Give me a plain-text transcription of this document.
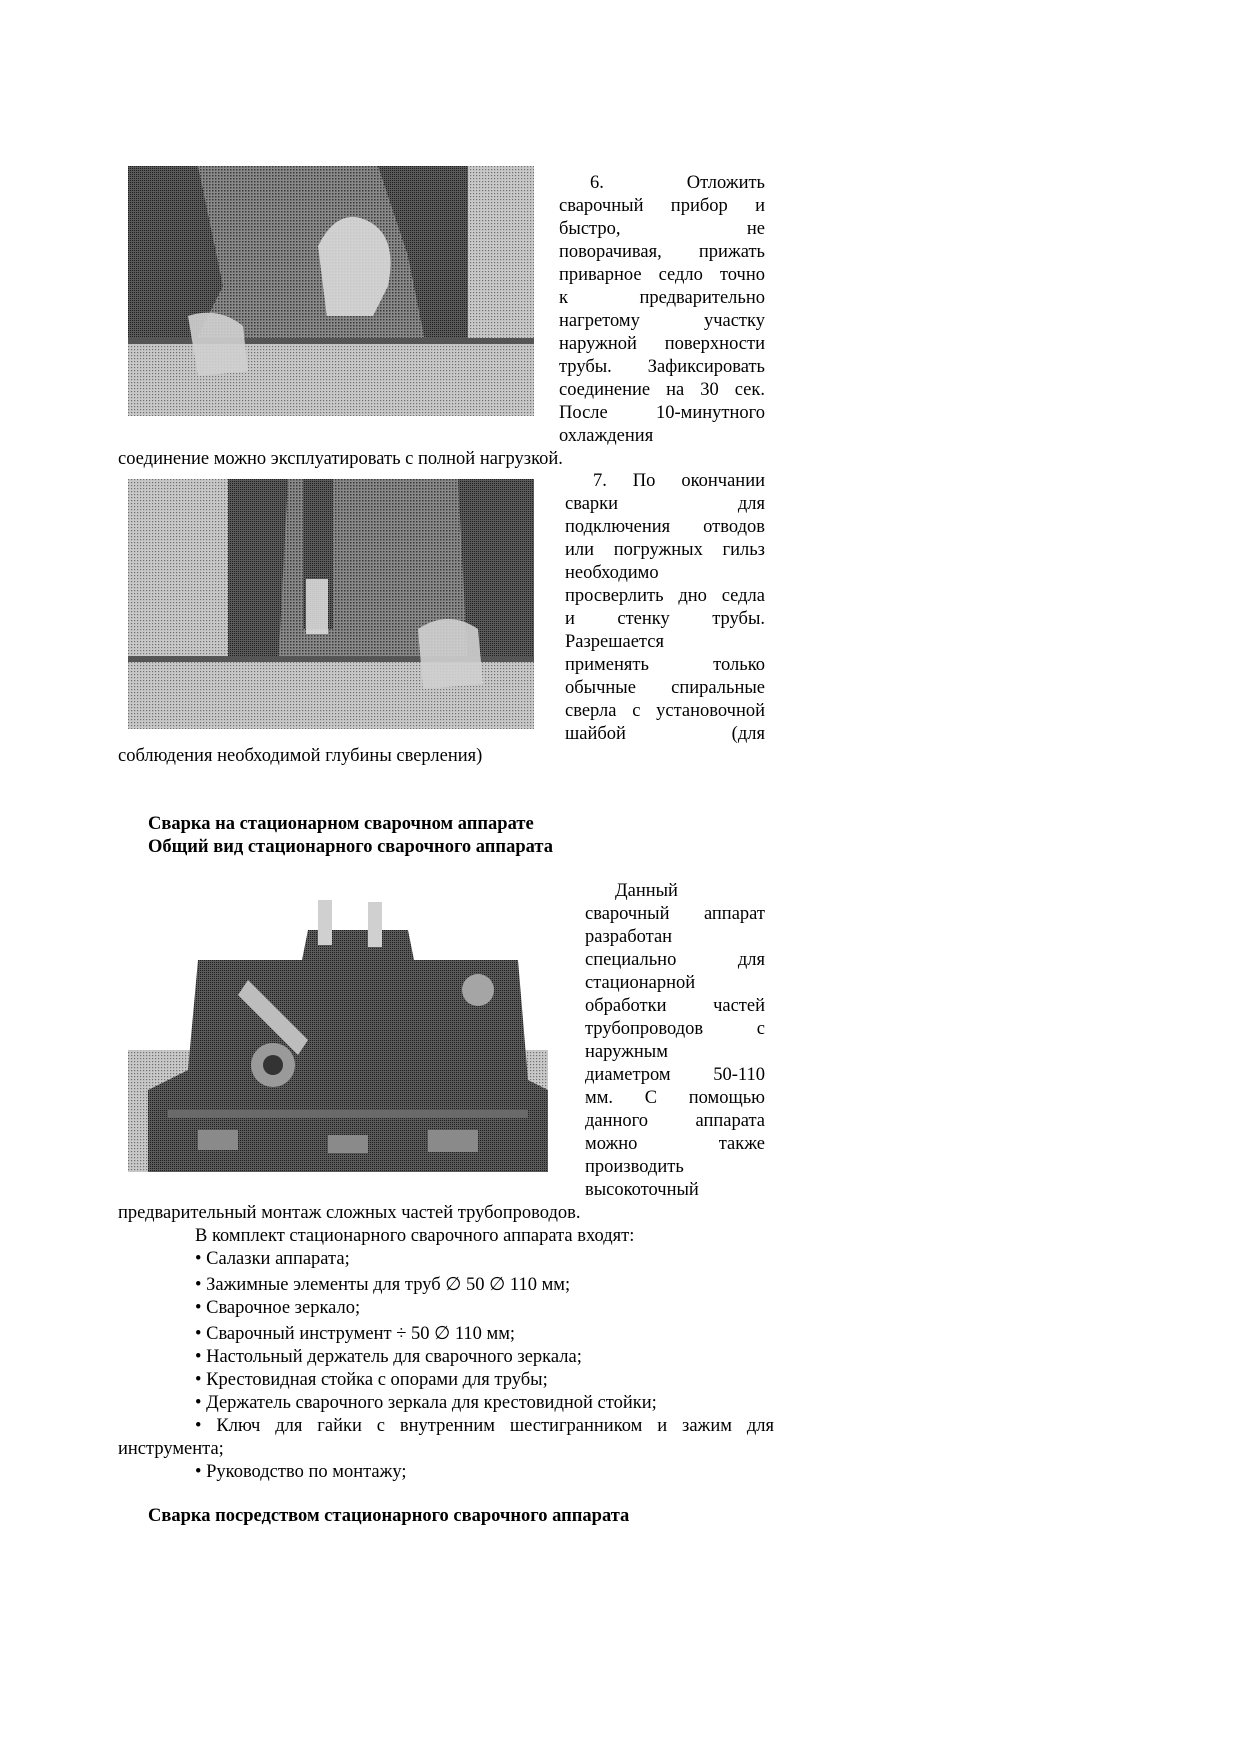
6.	Отложить
сварочный прибор и
быстро, не
поворачивая, прижать
приварное седло точно
к предварительно
нагретому участку
наружной поверхности
трубы. Зафиксировать
соединение на 30 сек.
После 10-минутного
охлаждения
соединение можно эксплуатировать с полной нагрузкой.
7. По окончании
сварки для
подключения отводов
или погружных гильз
необходимо
просверлить дно седла
и стенку трубы.
Разрешается
применять только
обычные спиральные
сверла с установочной
шайбой (для
соблюдения необходимой глубины сверления)
Сварка на стационарном сварочном аппарате
Общий вид стационарного сварочного аппарата
Данный
сварочный аппарат
разработан
специально для
стационарной
обработки частей
трубопроводов с
наружным
диаметром 50-110
мм. С помощью
данного аппарата
можно также
производить
высокоточный
предварительный монтаж сложных частей трубопроводов.
В комплект стационарного сварочного аппарата входят:
• Салазки аппарата;
• Зажимные элементы для труб ∅ 50 ∅ 110 мм;
• Сварочное зеркало;
• Сварочный инструмент ÷ 50 ∅ 110 мм;
• Настольный держатель для сварочного зеркала;
• Крестовидная стойка с опорами для трубы;
• Держатель сварочного зеркала для крестовидной стойки;
• Ключ для гайки с внутренним шестигранником и зажим для
инструмента;
• Руководство по монтажу;
Сварка посредством стационарного сварочного аппарата
